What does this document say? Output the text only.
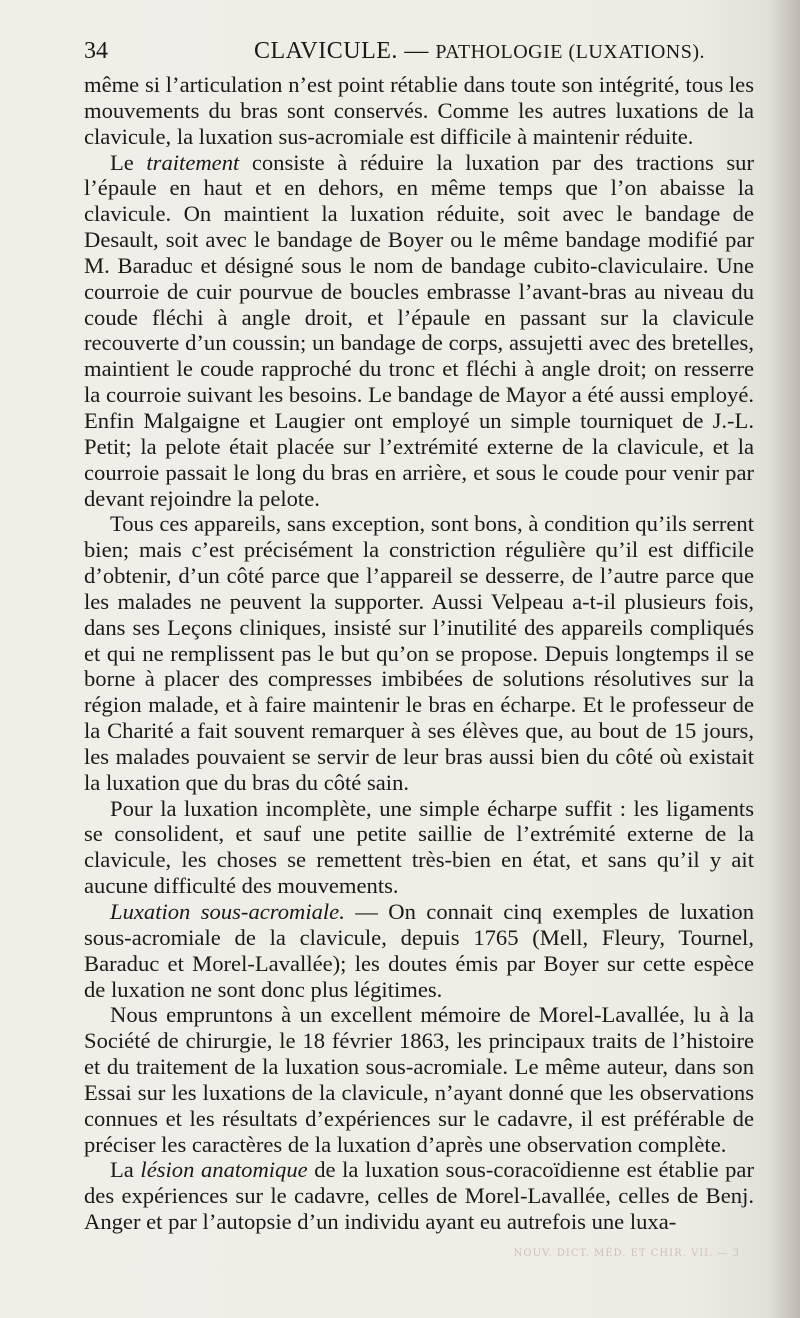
34	CLAVICULE. — PATHOLOGIE (LUXATIONS).

même si l’articulation n’est point rétablie dans toute son intégrité, tous les mouvements du bras sont conservés. Comme les autres luxations de la clavicule, la luxation sus-acromiale est difficile à maintenir réduite.

Le traitement consiste à réduire la luxation par des tractions sur l’épaule en haut et en dehors, en même temps que l’on abaisse la clavicule. On maintient la luxation réduite, soit avec le bandage de Desault, soit avec le bandage de Boyer ou le même bandage modifié par M. Baraduc et désigné sous le nom de bandage cubito-claviculaire. Une courroie de cuir pourvue de boucles embrasse l’avant-bras au niveau du coude fléchi à angle droit, et l’épaule en passant sur la clavicule recouverte d’un coussin; un bandage de corps, assujetti avec des bretelles, maintient le coude rapproché du tronc et fléchi à angle droit; on resserre la courroie suivant les besoins. Le bandage de Mayor a été aussi employé. Enfin Malgaigne et Laugier ont employé un simple tourniquet de J.-L. Petit; la pelote était placée sur l’extrémité externe de la clavicule, et la courroie passait le long du bras en arrière, et sous le coude pour venir par devant rejoindre la pelote.

Tous ces appareils, sans exception, sont bons, à condition qu’ils serrent bien; mais c’est précisément la constriction régulière qu’il est difficile d’obtenir, d’un côté parce que l’appareil se desserre, de l’autre parce que les malades ne peuvent la supporter. Aussi Velpeau a-t-il plusieurs fois, dans ses Leçons cliniques, insisté sur l’inutilité des appareils compliqués et qui ne remplissent pas le but qu’on se propose. Depuis longtemps il se borne à placer des compresses imbibées de solutions résolutives sur la région malade, et à faire maintenir le bras en écharpe. Et le professeur de la Charité a fait souvent remarquer à ses élèves que, au bout de 15 jours, les malades pouvaient se servir de leur bras aussi bien du côté où existait la luxation que du bras du côté sain.

Pour la luxation incomplète, une simple écharpe suffit : les ligaments se consolident, et sauf une petite saillie de l’extrémité externe de la clavicule, les choses se remettent très-bien en état, et sans qu’il y ait aucune difficulté des mouvements.

Luxation sous-acromiale. — On connait cinq exemples de luxation sous-acromiale de la clavicule, depuis 1765 (Mell, Fleury, Tournel, Baraduc et Morel-Lavallée); les doutes émis par Boyer sur cette espèce de luxation ne sont donc plus légitimes.

Nous empruntons à un excellent mémoire de Morel-Lavallée, lu à la Société de chirurgie, le 18 février 1863, les principaux traits de l’histoire et du traitement de la luxation sous-acromiale. Le même auteur, dans son Essai sur les luxations de la clavicule, n’ayant donné que les observations connues et les résultats d’expériences sur le cadavre, il est préférable de préciser les caractères de la luxation d’après une observation complète.

La lésion anatomique de la luxation sous-coracoïdienne est établie par des expériences sur le cadavre, celles de Morel-Lavallée, celles de Benj. Anger et par l’autopsie d’un individu ayant eu autrefois une luxa-

NOUV. DICT. MÉD. ET CHIR. VII. — 3
